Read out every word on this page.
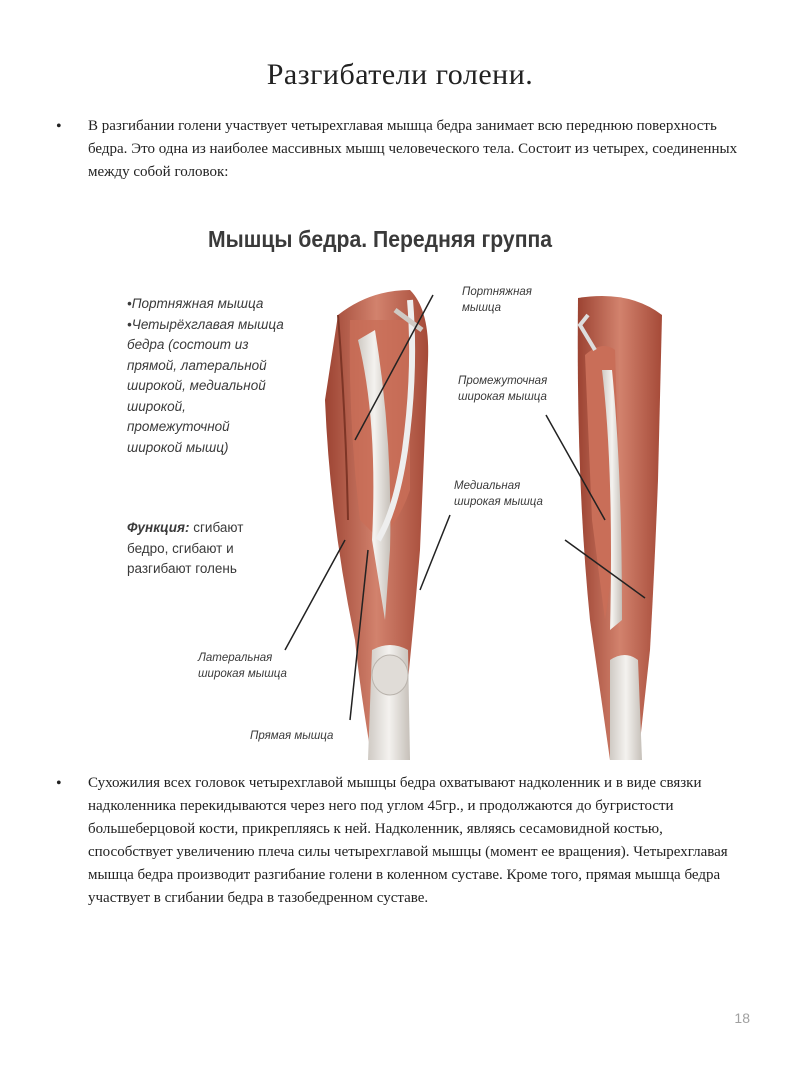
Разгибатели голени.
• В разгибании голени участвует четырехглавая мышца бедра занимает всю переднюю поверхность бедра. Это одна из наиболее массивных мышц человеческого тела. Состоит из четырех, соединенных между собой головок:
Мышцы бедра. Передняя группа
•Портняжная мышца •Четырёхглавая мышца бедра (состоит из прямой, латеральной широкой, медиальной широкой, промежуточной широкой мышц)
Функция: сгибают бедро, сгибают и разгибают голень
Портняжная мышца
Промежуточная широкая мышца
Медиальная широкая мышца
Латеральная широкая мышца
Прямая мышца
• Сухожилия всех головок четырехглавой мышцы бедра охватывают надколенник и в виде связки надколенника перекидываются через него под углом 45гр., и продолжаются до бугристости большеберцовой кости, прикрепляясь к ней. Надколенник, являясь сесамовидной костью, способствует увеличению плеча силы четырехглавой мышцы (момент ее вращения). Четырехглавая мышца бедра производит разгибание голени в коленном суставе. Кроме того, прямая мышца бедра участвует в сгибании бедра в тазобедренном суставе.
18
